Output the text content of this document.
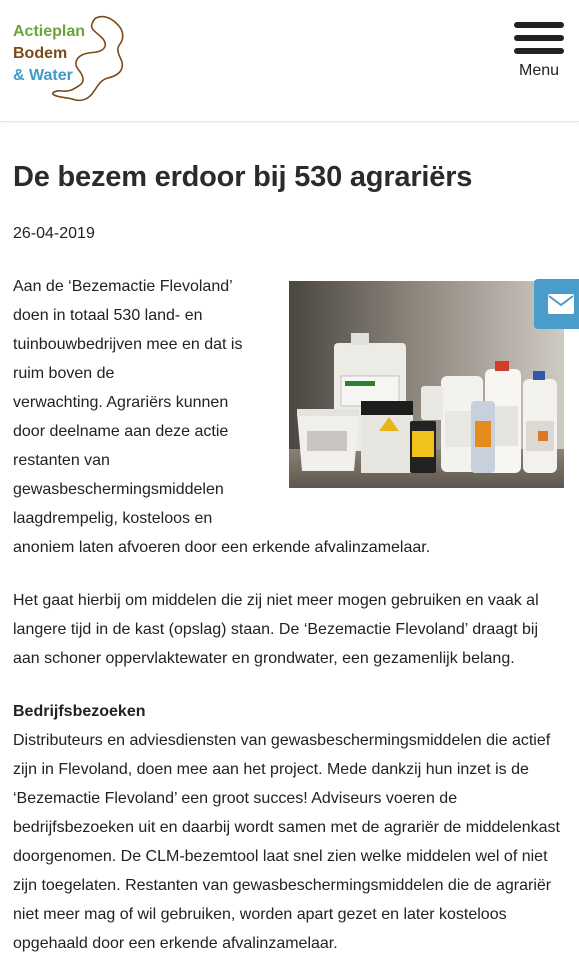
Actieplan
Bodem
& Water	Menu
De bezem erdoor bij 530 agrariërs
26-04-2019

Aan de ‘Bezemactie Flevoland’
doen in totaal 530 land- en
tuinbouwbedrijven mee en dat is
ruim boven de
verwachting. Agrariërs kunnen
door deelname aan deze actie
restanten van
gewasbeschermingsmiddelen
laagdrempelig, kosteloos en
anoniem laten afvoeren door een erkende afvalinzamelaar.

Het gaat hierbij om middelen die zij niet meer mogen gebruiken en vaak al
langere tijd in de kast (opslag) staan. De ‘Bezemactie Flevoland’ draagt bij
aan schoner oppervlaktewater en grondwater, een gezamenlijk belang.

Bedrijfsbezoeken

Distributeurs en adviesdiensten van gewasbeschermingsmiddelen die actief
zijn in Flevoland, doen mee aan het project. Mede dankzij hun inzet is de
‘Bezemactie Flevoland’ een groot succes! Adviseurs voeren de
bedrijfsbezoeken uit en daarbij wordt samen met de agrariër de middelenkast
doorgenomen. De CLM-bezemtool laat snel zien welke middelen wel of niet
zijn toegelaten. Restanten van gewasbeschermingsmiddelen die de agrariër
niet meer mag of wil gebruiken, worden apart gezet en later kosteloos
opgehaald door een erkende afvalinzamelaar.
